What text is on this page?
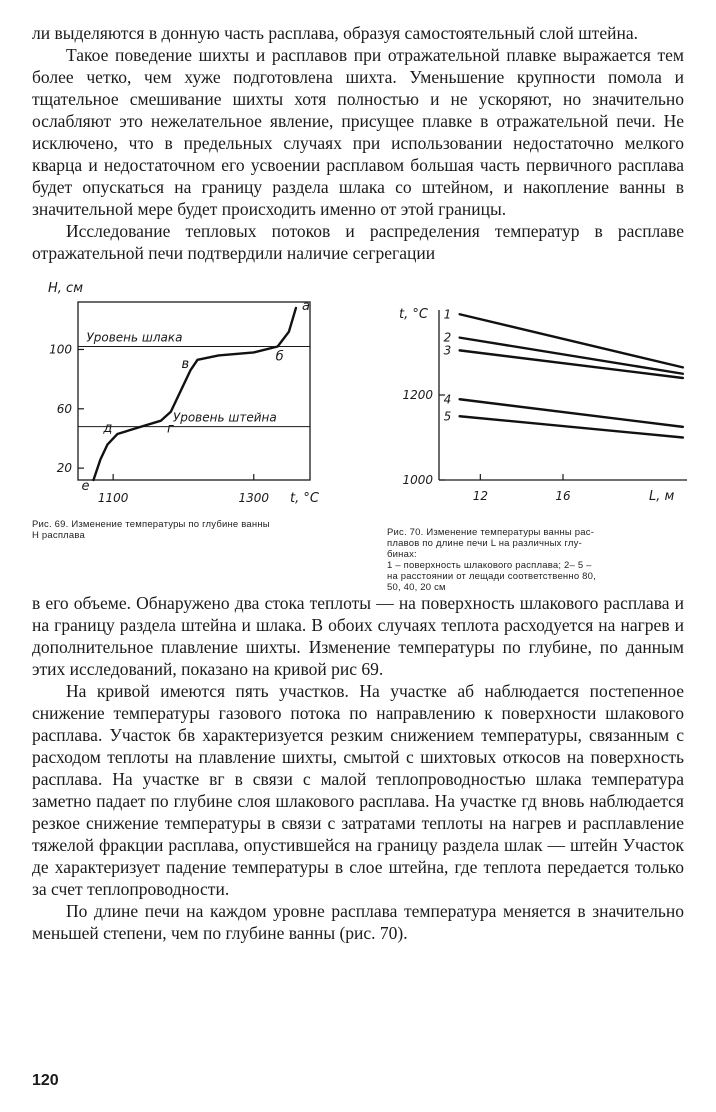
ли выделяются в донную часть расплава, образуя самостоятельный слой штейна.

Такое поведение шихты и расплавов при отражательной плавке выражается тем более четко, чем хуже подготовлена шихта. Уменьшение крупности помола и тщательное смешивание шихты хотя полностью и не ускоряют, но значительно ослабляют это нежелательное явление, присущее плавке в отражательной печи. Не исключено, что в предельных случаях при использовании недостаточно мелкого кварца и недостаточном его усвоении расплавом большая часть первичного расплава будет опускаться на границу раздела шлака со штейном, и накопление ванны в значительной мере будет происходить именно от этой границы.

Исследование тепловых потоков и распределения температур в расплаве отражательной печи подтвердили наличие сегрегации

H, см
t, °C
20
60
100
1100	1300
Уровень шлака
Уровень штейна
а
б
в
г
д
е
Рис. 69. Изменение температуры по глубине ванны H расплава
t, °C
L, м
1000
1200
12	16
1
2
3
4
5
Рис. 70. Изменение температуры ванны рас-
плавов по длине печи L на различных глу-
бинах:
1 – поверхность шлакового расплава; 2– 5 –
на расстоянии от лещади соответственно 80,
50, 40, 20 см

в его объеме. Обнаружено два стока теплоты — на поверхность шлакового расплава и на границу раздела штейна и шлака. В обоих случаях теплота расходуется на нагрев и дополнительное плавление шихты. Изменение температуры по глубине, по данным этих исследований, показано на кривой рис 69.

На кривой имеются пять участков. На участке аб наблюдается постепенное снижение температуры газового потока по направлению к поверхности шлакового расплава. Участок бв характеризуется резким снижением температуры, связанным с расходом теплоты на плавление шихты, смытой с шихтовых откосов на поверхность расплава. На участке вг в связи с малой теплопроводностью шлака температура заметно падает по глубине слоя шлакового расплава. На участке гд вновь наблюдается резкое снижение температуры в связи с затратами теплоты на нагрев и расплавление тяжелой фракции расплава, опустившейся на границу раздела шлак — штейн Участок де характеризует падение температуры в слое штейна, где теплота передается только за счет теплопроводности.

По длине печи на каждом уровне расплава температура меняется в значительно меньшей степени, чем по глубине ванны (рис. 70).

120
